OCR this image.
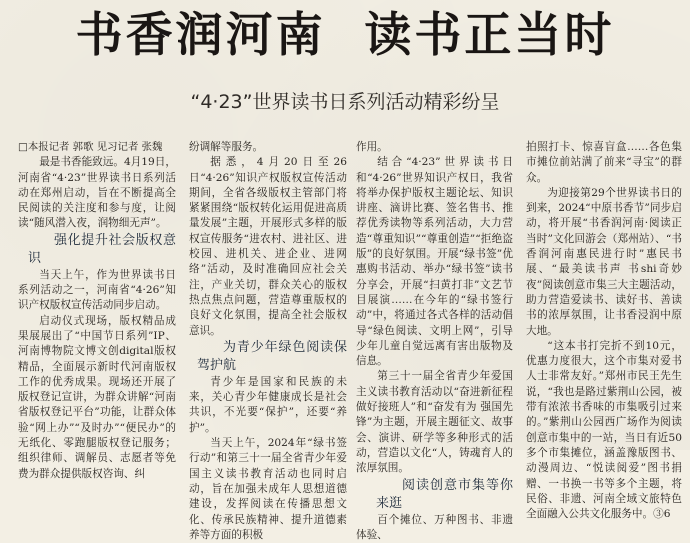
书香润河南  读书正当时
“4·23”世界读书日系列活动精彩纷呈

□本报记者 郭歌 见习记者 张魏

最是书香能致远。4月19日，河南省“4·23”世界读书日系列活动在郑州启动，旨在不断提高全民阅读的关注度和参与度，让阅读“随风潜入夜，润物细无声”。

强化提升社会版权意识

当天上午，作为世界读书日系列活动之一，河南省“4·26”知识产权版权宣传活动同步启动。

启动仪式现场，版权精品成果展展出了“中国节日系列”IP、河南博物院文博文创digital版权精品，全面展示新时代河南版权工作的优秀成果。现场还开展了版权登记宣讲，为群众讲解“河南省版权登记平台”功能，让群众体验“网上办”“及时办”“便民办”的无纸化、零跑腿版权登记服务；组织律师、调解员、志愿者等免费为群众提供版权咨询、纠

纷调解等服务。

据悉，4月20日至26日“4·26”知识产权版权宣传活动期间，全省各级版权主管部门将紧紧围绕“版权转化运用促进高质量发展”主题，开展形式多样的版权宣传服务“进农村、进社区、进校园、进机关、进企业、进网络”活动，及时准确回应社会关注，产业关切，群众关心的版权热点焦点问题，营造尊重版权的良好文化氛围，提高全社会版权意识。

为青少年绿色阅读保驾护航

青少年是国家和民族的未来，关心青少年健康成长是社会共识，不光要“保护”，还要“养护”。

当天上午，2024年“绿书签行动”和第三十一届全省青少年爱国主义读书教育活动也同时启动，旨在加强未成年人思想道德建设，发挥阅读在传播思想文化、传承民族精神、提升道德素养等方面的积极

作用。

结合“4·23”世界读书日和“4·26”世界知识产权日，我省将举办保护版权主题论坛、知识讲座、滴讲比赛、签名售书、推荐优秀读物等系列活动，大力营造“尊重知识”“尊重创造”“拒绝盗版”的良好氛围。开展“绿书签”优惠购书活动、举办“绿书签”读书分享会，开展“扫黄打非”文艺节目展演……在今年的“绿书签行动”中，将通过各式各样的活动倡导“绿色阅读、文明上网”，引导少年儿童自觉远离有害出版物及信息。

第三十一届全省青少年爱国主义读书教育活动以“奋进新征程 做好接班人”和“奋发有为 强国先锋”为主题，开展主题征文、故事会、演讲、研学等多种形式的活动，营造以文化“人，铸魂育人的浓厚氛围。

阅读创意市集等你来逛

百个摊位、万种图书、非遗体验、

拍照打卡、惊喜盲盒……各色集市摊位前站满了前来“寻宝”的群众。

为迎接第29个世界读书日的到来，2024“中原书香节”同步启动，将开展“书香润河南·阅读正当时”文化回游会（郑州站）、“书香润河南惠民进行时”惠民书展、“最美读书声 书shi奇妙夜”阅读创意市集三大主题活动，助力营造爱读书、读好书、善读书的浓厚氛围，让书香浸润中原大地。

“这本书打完折不到10元，优惠力度很大，这个市集对爱书人士非常友好。”郑州市民王先生说，“我也是路过紫荆山公园，被带有浓浓书香味的市集吸引过来的。”紫荆山公园西广场作为阅读创意市集中的一站，当日有近50多个市集摊位，涵盖豫版图书、动漫周边、“悦读阅爱”图书捐赠、一书换一书等多个主题，将民俗、非遗、河南全域文旅特色全面融入公共文化服务中。③6
